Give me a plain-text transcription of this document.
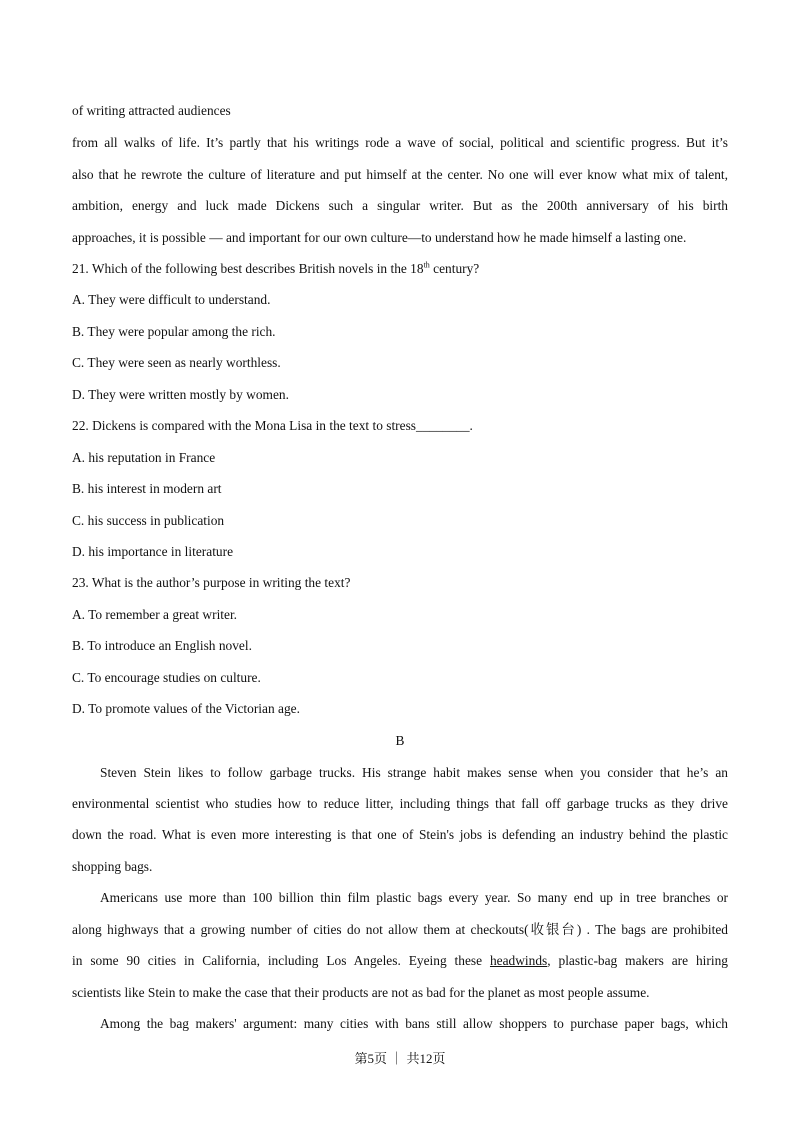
of writing attracted audiences
from all walks of life. It’s partly that his writings rode a wave of social, political and scientific progress. But it’s
also that he rewrote the culture of literature and put himself at the center. No one will ever know what mix of talent,
ambition, energy and luck made Dickens such a singular writer. But as the 200th anniversary of his birth
approaches, it is possible — and important for our own culture—to understand how he made himself a lasting one.
21. Which of the following best describes British novels in the 18th century?
A. They were difficult to understand.
B. They were popular among the rich.
C. They were seen as nearly worthless.
D. They were written mostly by women.
22. Dickens is compared with the Mona Lisa in the text to stress________.
A. his reputation in France
B. his interest in modern art
C. his success in publication
D. his importance in literature
23. What is the author’s purpose in writing the text?
A. To remember a great writer.
B. To introduce an English novel.
C. To encourage studies on culture.
D. To promote values of the Victorian age.
B
Steven Stein likes to follow garbage trucks. His strange habit makes sense when you consider that he’s an
environmental scientist who studies how to reduce litter, including things that fall off garbage trucks as they drive
down the road. What is even more interesting is that one of Stein's jobs is defending an industry behind the plastic
shopping bags.
Americans use more than 100 billion thin film plastic bags every year. So many end up in tree branches or
along highways that a growing number of cities do not allow them at checkouts(收银台) . The bags are prohibited
in some 90 cities in California, including Los Angeles. Eyeing these headwinds, plastic-bag makers are hiring
scientists like Stein to make the case that their products are not as bad for the planet as most people assume.
Among the bag makers' argument: many cities with bans still allow shoppers to purchase paper bags, which
第5页 ｜ 共12页
